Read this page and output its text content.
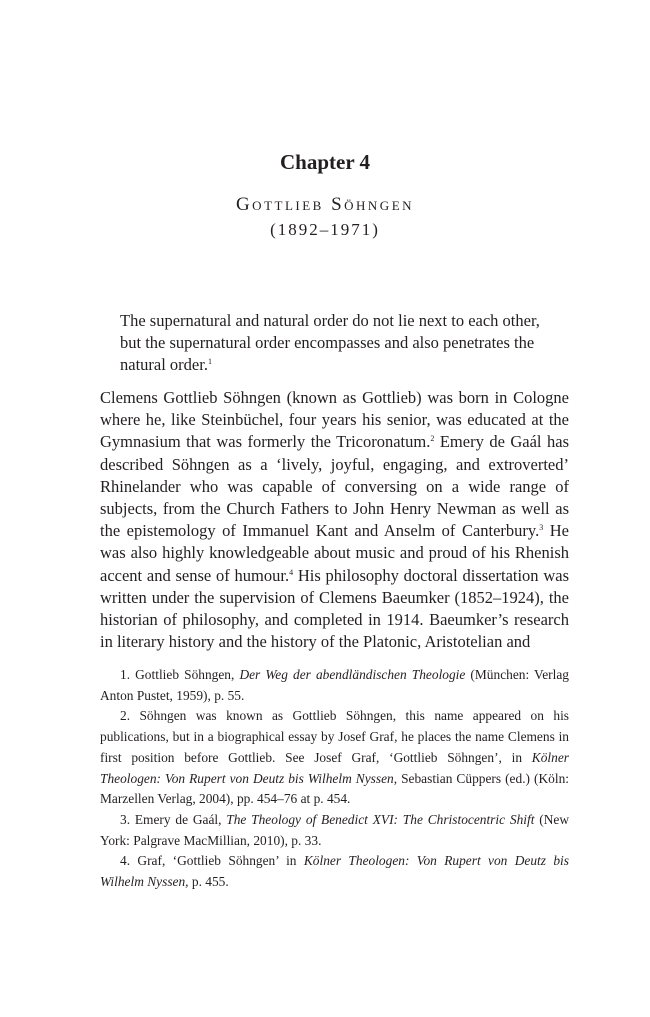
Chapter 4
Gottlieb Söhngen
(1892–1971)
The supernatural and natural order do not lie next to each other, but the supernatural order encompasses and also penetrates the natural order.$^1$
Clemens Gottlieb Söhngen (known as Gottlieb) was born in Cologne where he, like Steinbüchel, four years his senior, was educated at the Gymnasium that was formerly the Tricoronatum.$^2$ Emery de Gaál has described Söhngen as a ‘lively, joyful, engaging, and extroverted’ Rhinelander who was capable of conversing on a wide range of subjects, from the Church Fathers to John Henry Newman as well as the epistemology of Immanuel Kant and Anselm of Canterbury.$^3$ He was also highly knowledgeable about music and proud of his Rhenish accent and sense of humour.$^4$ His philosophy doctoral dissertation was written under the supervision of Clemens Baeumker (1852–1924), the historian of philosophy, and completed in 1914. Baeumker’s research in literary history and the history of the Platonic, Aristotelian and

1. Gottlieb Söhngen, Der Weg der abendländischen Theologie (München: Verlag Anton Pustet, 1959), p. 55.

2. Söhngen was known as Gottlieb Söhngen, this name appeared on his publications, but in a biographical essay by Josef Graf, he places the name Clemens in first position before Gottlieb. See Josef Graf, ‘Gottlieb Söhngen’, in Kölner Theologen: Von Rupert von Deutz bis Wilhelm Nyssen, Sebastian Cüppers (ed.) (Köln: Marzellen Verlag, 2004), pp. 454–76 at p. 454.

3. Emery de Gaál, The Theology of Benedict XVI: The Christocentric Shift (New York: Palgrave MacMillian, 2010), p. 33.

4. Graf, ‘Gottlieb Söhngen’ in Kölner Theologen: Von Rupert von Deutz bis Wilhelm Nyssen, p. 455.
